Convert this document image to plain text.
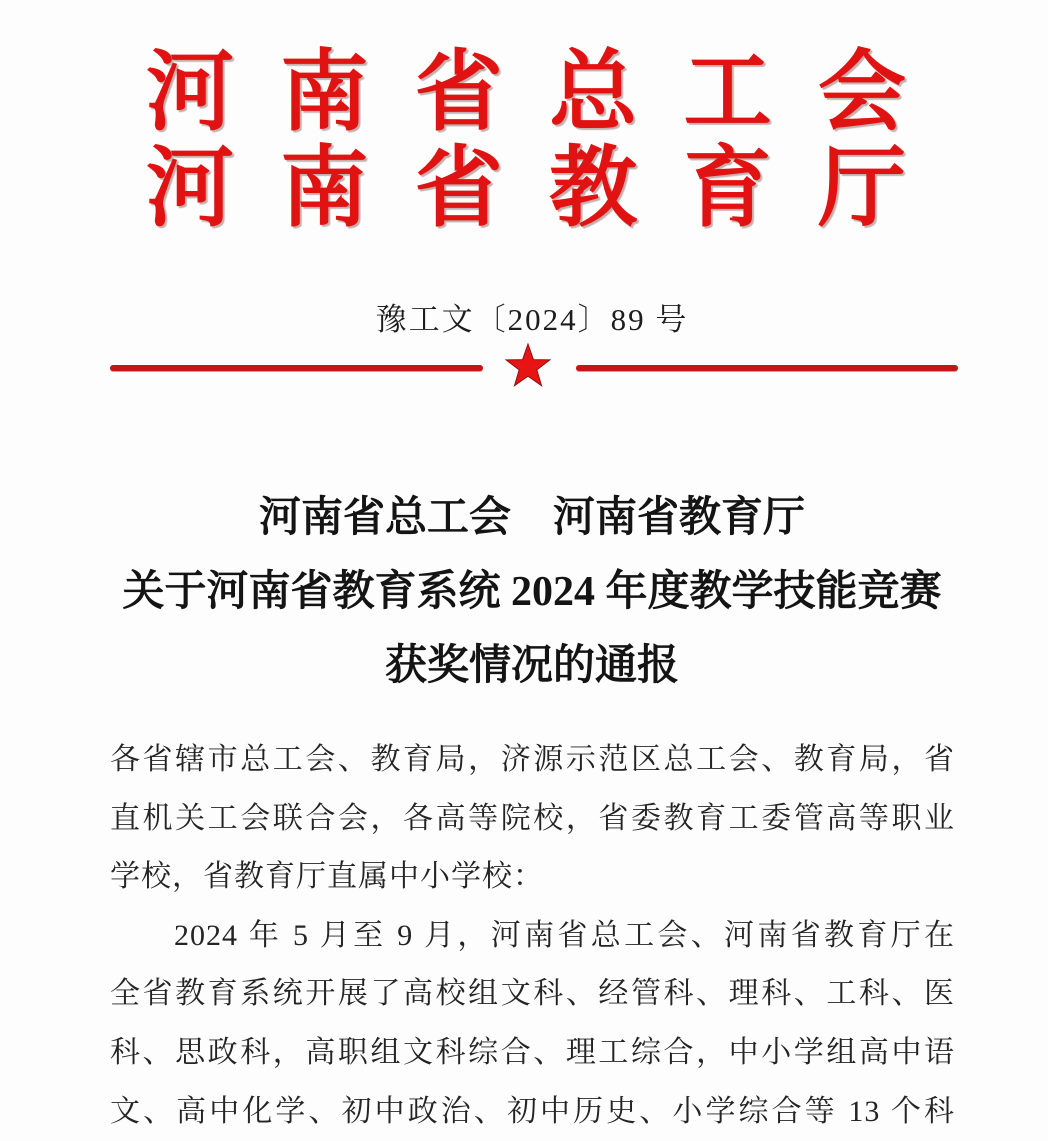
河 南 省 总 工 会
河 南 省 教 育 厅
豫工文〔2024〕89 号
河南省总工会　河南省教育厅
关于河南省教育系统 2024 年度教学技能竞赛
获奖情况的通报
各省辖市总工会、教育局，济源示范区总工会、教育局，省
直机关工会联合会，各高等院校，省委教育工委管高等职业
学校，省教育厅直属中小学校：
2024 年 5 月至 9 月，河南省总工会、河南省教育厅在
全省教育系统开展了高校组文科、经管科、理科、工科、医
科、思政科，高职组文科综合、理工综合，中小学组高中语
文、高中化学、初中政治、初中历史、小学综合等 13 个科
